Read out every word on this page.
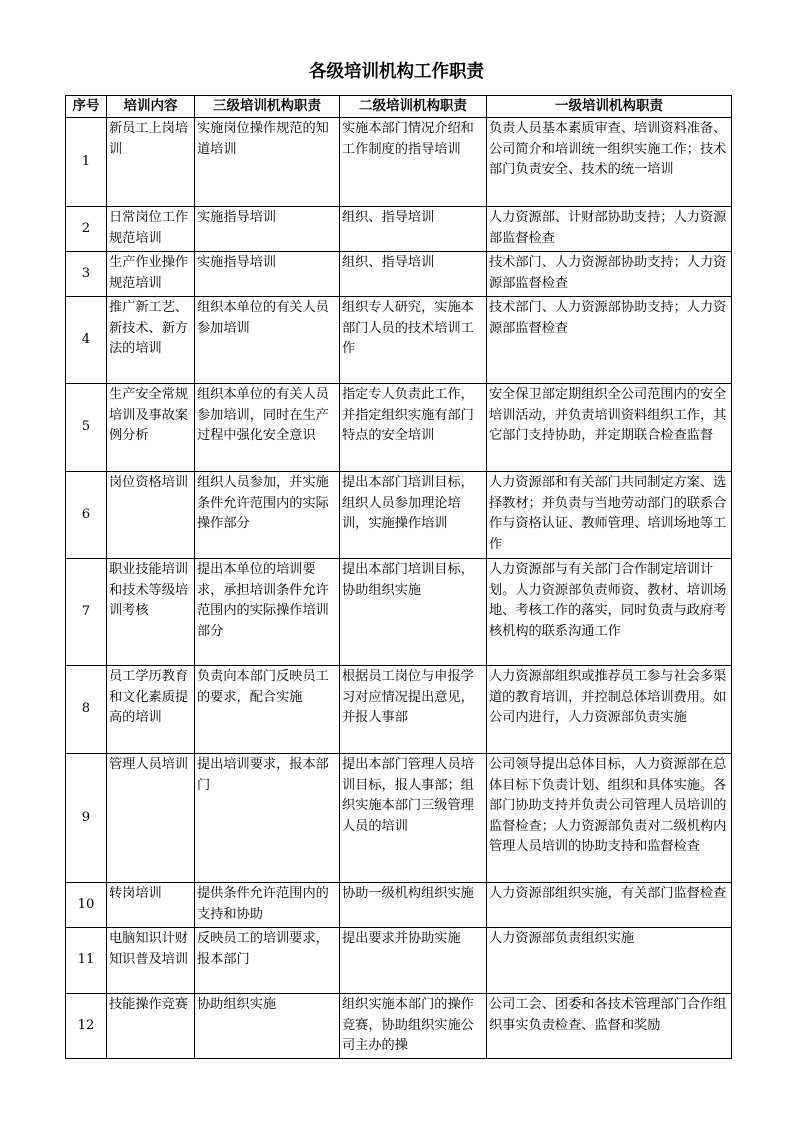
各级培训机构工作职责
序号	培训内容	三级培训机构职责	二级培训机构职责	一级培训机构职责
1	新员工上岗培训	实施岗位操作规范的知道培训	实施本部门情况介绍和工作制度的指导培训	负责人员基本素质审查、培训资料准备、公司简介和培训统一组织实施工作；技术部门负责安全、技术的统一培训
2	日常岗位工作规范培训	实施指导培训	组织、指导培训	人力资源部、计财部协助支持；人力资源部监督检查
3	生产作业操作规范培训	实施指导培训	组织、指导培训	技术部门、人力资源部协助支持；人力资源部监督检查
4	推广新工艺、新技术、新方法的培训	组织本单位的有关人员参加培训	组织专人研究，实施本部门人员的技术培训工作	技术部门、人力资源部协助支持；人力资源部监督检查
5	生产安全常规培训及事故案例分析	组织本单位的有关人员参加培训，同时在生产过程中强化安全意识	指定专人负责此工作，并指定组织实施有部门特点的安全培训	安全保卫部定期组织全公司范围内的安全培训活动，并负责培训资料组织工作，其它部门支持协助，并定期联合检查监督
6	岗位资格培训	组织人员参加，并实施条件允许范围内的实际操作部分	提出本部门培训目标，组织人员参加理论培训，实施操作培训	人力资源部和有关部门共同制定方案、选择教材；并负责与当地劳动部门的联系合作与资格认证、教师管理、培训场地等工作
7	职业技能培训和技术等级培训考核	提出本单位的培训要求，承担培训条件允许范围内的实际操作培训部分	提出本部门培训目标，协助组织实施	人力资源部与有关部门合作制定培训计划。人力资源部负责师资、教材、培训场地、考核工作的落实，同时负责与政府考核机构的联系沟通工作
8	员工学历教育和文化素质提高的培训	负责向本部门反映员工的要求，配合实施	根据员工岗位与申报学习对应情况提出意见，并报人事部	人力资源部组织或推荐员工参与社会多渠道的教育培训，并控制总体培训费用。如公司内进行，人力资源部负责实施
9	管理人员培训	提出培训要求，报本部门	提出本部门管理人员培训目标，报人事部；组织实施本部门三级管理人员的培训	公司领导提出总体目标，人力资源部在总体目标下负责计划、组织和具体实施。各部门协助支持并负责公司管理人员培训的监督检查；人力资源部负责对二级机构内管理人员培训的协助支持和监督检查
10	转岗培训	提供条件允许范围内的支持和协助	协助一级机构组织实施	人力资源部组织实施，有关部门监督检查
11	电脑知识计财知识普及培训	反映员工的培训要求，报本部门	提出要求并协助实施	人力资源部负责组织实施
12	技能操作竞赛	协助组织实施	组织实施本部门的操作竞赛，协助组织实施公司主办的操	公司工会、团委和各技术管理部门合作组织事实负责检查、监督和奖励
